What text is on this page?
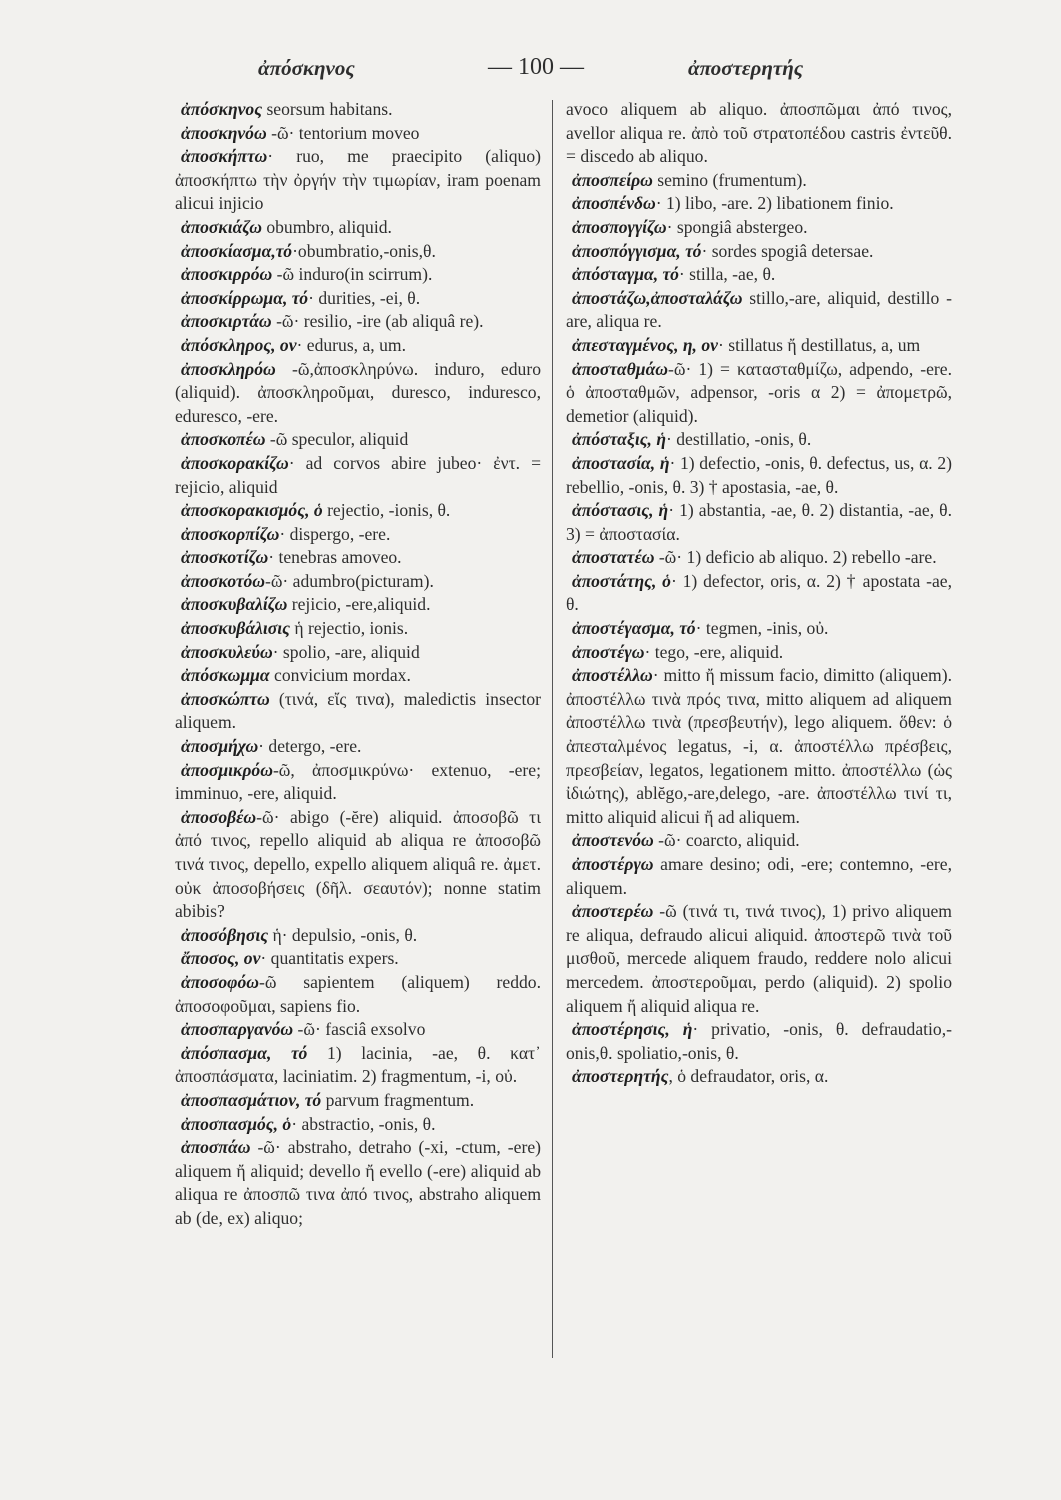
ἀπόσκηνος	— 100 —	ἀποστερητής

ἀπόσκηνος seorsum habitans.

ἀποσκηνόω -ῶ· tentorium moveo

ἀποσκήπτω· ruo, me praecipito (aliquo) ἀποσκήπτω τὴν ὀργήν τὴν τιμωρίαν, iram poenam alicui injicio

ἀποσκιάζω obumbro, aliquid.

ἀποσκίασμα,τό·obumbratio,-onis,θ.

ἀποσκιρρόω -ῶ induro(in scirrum).

ἀποσκίρρωμα, τό· durities, -ei, θ.

ἀποσκιρτάω -ῶ· resilio, -ire (ab aliquâ re).

ἀπόσκληρος, ον· edurus, a, um.

ἀποσκληρόω -ῶ,ἀποσκληρύνω. induro, eduro (aliquid). ἀποσκληροῦμαι, duresco, induresco, eduresco, -ere.

ἀποσκοπέω -ῶ speculor, aliquid

ἀποσκορακίζω· ad corvos abire jubeo· ἐντ. = rejicio, aliquid

ἀποσκορακισμός, ὁ rejectio, -ionis, θ.

ἀποσκορπίζω· dispergo, -ere.

ἀποσκοτίζω· tenebras amoveo.

ἀποσκοτόω-ῶ· adumbro(picturam).

ἀποσκυβαλίζω rejicio, -ere,aliquid.

ἀποσκυβάλισις ἡ rejectio, ionis.

ἀποσκυλεύω· spolio, -are, aliquid

ἀπόσκωμμα convicium mordax.

ἀποσκώπτω (τινά, εἴς τινα), maledictis insector aliquem.

ἀποσμήχω· detergo, -ere.

ἀποσμικρόω-ῶ, ἀποσμικρύνω· extenuo, -ere; imminuo, -ere, aliquid.

ἀποσοβέω-ῶ· abigo (-ĕre) aliquid. ἀποσοβῶ τι ἀπό τινος, repello aliquid ab aliqua re ἀποσοβῶ τινά τινος, depello, expello aliquem aliquâ re. ἀμετ. οὐκ ἀποσοβήσεις (δῆλ. σεαυτόν); nonne statim abibis?

ἀποσόβησις ἡ· depulsio, -onis, θ.

ἄποσος, ον· quantitatis expers.

ἀποσοφόω-ῶ sapientem (aliquem) reddo. ἀποσοφοῦμαι, sapiens fio.

ἀποσπαργανόω -ῶ· fasciâ exsolvo

ἀπόσπασμα, τό 1) lacinia, -ae, θ. κατ᾽ ἀποσπάσματα, laciniatim. 2) fragmentum, -i, οὐ.

ἀποσπασμάτιον, τό parvum fragmentum.

ἀποσπασμός, ὁ· abstractio, -onis, θ.

ἀποσπάω -ῶ· abstraho, detraho (-xi, -ctum, -ere) aliquem ἤ aliquid; devello ἤ evello (-ere) aliquid ab aliqua re ἀποσπῶ τινα ἀπό τινος, abstraho aliquem ab (de, ex) aliquo;

avoco aliquem ab aliquo. ἀποσπῶμαι ἀπό τινος, avellor aliqua re. ἀπὸ τοῦ στρατοπέδου castris ἐντεῦθ. = discedo ab aliquo.

ἀποσπείρω semino (frumentum).

ἀποσπένδω· 1) libo, -are. 2) libationem finio.

ἀποσπογγίζω· spongiâ abstergeo.

ἀποσπόγγισμα, τό· sordes spogiâ detersae.

ἀπόσταγμα, τό· stilla, -ae, θ.

ἀποστάζω,ἀποσταλάζω stillo,-are, aliquid, destillo -are, aliqua re.

ἀπεσταγμένος, η, ον· stillatus ἤ destillatus, a, um

ἀποσταθμάω-ῶ· 1) = κατασταθμίζω, adpendo, -ere. ὁ ἀποσταθμῶν, adpensor, -oris α 2) = ἀπομετρῶ, demetior (aliquid).

ἀπόσταξις, ἡ· destillatio, -onis, θ.

ἀποστασία, ἡ· 1) defectio, -onis, θ. defectus, us, α. 2) rebellio, -onis, θ. 3) † apostasia, -ae, θ.

ἀπόστασις, ἡ· 1) abstantia, -ae, θ. 2) distantia, -ae, θ. 3) = ἀποστασία.

ἀποστατέω -ῶ· 1) deficio ab aliquo. 2) rebello -are.

ἀποστάτης, ὁ· 1) defector, oris, α. 2) † apostata -ae, θ.

ἀποστέγασμα, τό· tegmen, -inis, οὐ.

ἀποστέγω· tego, -ere, aliquid.

ἀποστέλλω· mitto ἤ missum facio, dimitto (aliquem). ἀποστέλλω τινὰ πρός τινα, mitto aliquem ad aliquem ἀποστέλλω τινὰ (πρεσβευτήν), lego aliquem. ὅθεν: ὁ ἀπεσταλμένος legatus, -i, α. ἀποστέλλω πρέσβεις, πρεσβείαν, legatos, legationem mitto. ἀποστέλλω (ὡς ἰδιώτης), ablĕgo,-are,delego, -are. ἀποστέλλω τινί τι, mitto aliquid alicui ἤ ad aliquem.

ἀποστενόω -ῶ· coarcto, aliquid.

ἀποστέργω amare desino; odi, -ere; contemno, -ere, aliquem.

ἀποστερέω -ῶ (τινά τι, τινά τινος), 1) privo aliquem re aliqua, defraudo alicui aliquid. ἀποστερῶ τινὰ τοῦ μισθοῦ, mercede aliquem fraudo, reddere nolo alicui mercedem. ἀποστεροῦμαι, perdo (aliquid). 2) spolio aliquem ἤ aliquid aliqua re.

ἀποστέρησις, ἡ· privatio, -onis, θ. defraudatio,-onis,θ. spoliatio,-onis, θ.

ἀποστερητής, ὁ defraudator, oris, α.
